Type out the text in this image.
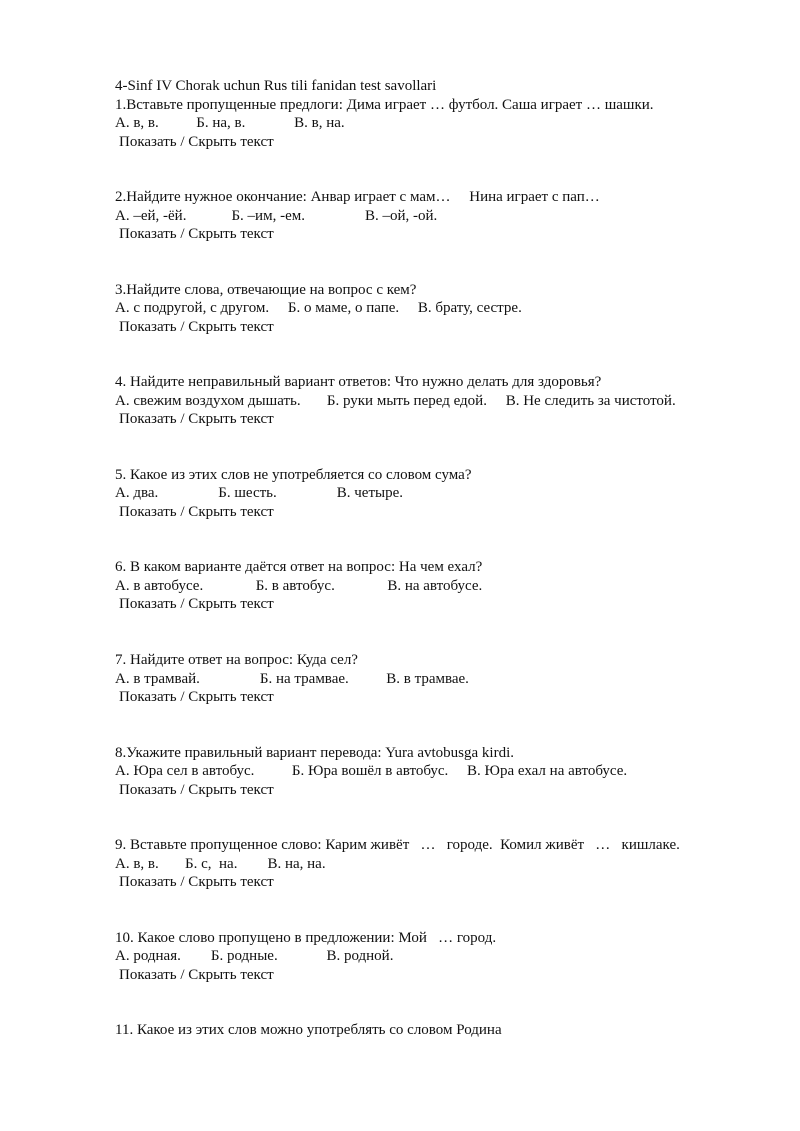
4-Sinf IV Chorak uchun Rus tili fanidan test savollari
1.Вставьте пропущенные предлоги: Дима играет … футбол. Саша играет … шашки.
А. в, в.          Б. на, в.             В. в, на.
Показать / Скрыть текст
2.Найдите нужное окончание: Анвар играет с мам…     Нина играет с пап…
А. –ей, -ёй.            Б. –им, -ем.                В. –ой, -ой.
Показать / Скрыть текст
3.Найдите слова, отвечающие на вопрос с кем?
А. с подругой, с другом.     Б. о маме, о папе.     В. брату, сестре.
Показать / Скрыть текст
4. Найдите неправильный вариант ответов: Что нужно делать для здоровья?
А. свежим воздухом дышать.       Б. руки мыть перед едой.     В. Не следить за чистотой.
Показать / Скрыть текст
5. Какое из этих слов не употребляется со словом сума?
А. два.                Б. шесть.                В. четыре.
Показать / Скрыть текст
6. В каком варианте даётся ответ на вопрос: На чем ехал?
А. в автобусе.              Б. в автобус.              В. на автобусе.
Показать / Скрыть текст
7. Найдите ответ на вопрос: Куда сел?
А. в трамвай.                Б. на трамвае.          В. в трамвае.
Показать / Скрыть текст
8.Укажите правильный вариант перевода: Yura avtobusga kirdi.
А. Юра сел в автобус.          Б. Юра вошёл в автобус.     В. Юра ехал на автобусе.
Показать / Скрыть текст
9. Вставьте пропущенное слово: Карим живёт   …   городе.  Комил живёт   …   кишлаке.
А. в, в.       Б. с,  на.        В. на, на.
Показать / Скрыть текст
10. Какое слово пропущено в предложении: Мой   … город.
А. родная.        Б. родные.             В. родной.
Показать / Скрыть текст
11. Какое из этих слов можно употреблять со словом Родина
